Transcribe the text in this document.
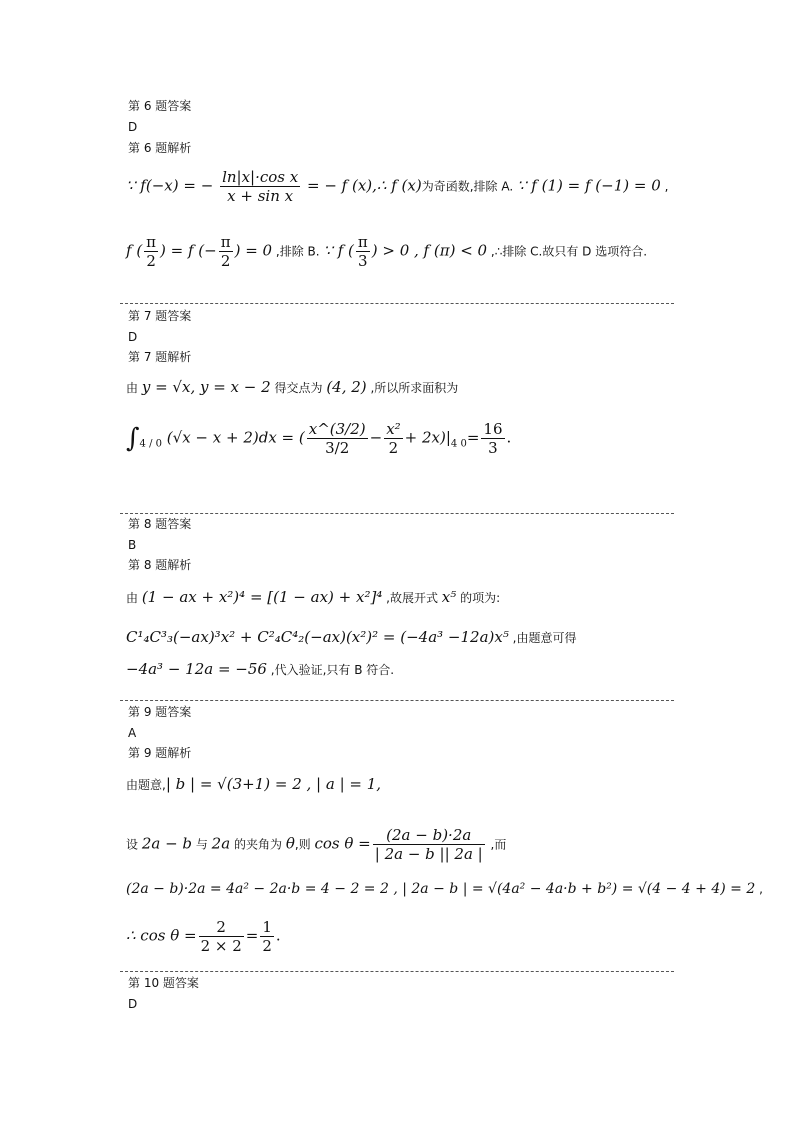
第 6 题答案
D
第 6 题解析
∵ f(−x) = − $\frac{\text{ln|x|·cos x}}{\text{x + sin x}}$ = − f (x),∴ f (x)为奇函数,排除 A. ∵ f (1) = f (−1) = 0 ,
f ( $\frac{\pi}{2}$ ) = f (− $\frac{\pi}{2}$ ) = 0 ,排除 B. ∵ f ( $\frac{\pi}{3}$ ) > 0 , f (π) < 0 ,∴排除 C.故只有 D 选项符合.
第 7 题答案
D
第 7 题解析
由 y = √x, y = x − 2 得交点为 (4, 2) ,所以所求面积为
$\int_{4 / 0}$ (√x − x + 2)dx = ( $\frac{x\^{}(3/2)}{3/2} - \frac{\text{x²}}{2} + 2x)|_{4 0}= \frac{16}{3}$ .
第 8 题答案
B
第 8 题解析
由 (1 − ax + x²)⁴ = [(1 − ax) + x²]⁴ ,故展开式 x⁵ 的项为:
C¹₄C³₃(−ax)³x² + C²₄C⁴₂(−ax)(x²)² = (−4a³ −12a)x⁵ ,由题意可得
−4a³ − 12a = −56 ,代入验证,只有 B 符合.
第 9 题答案
A
第 9 题解析
由题意,| b | = √(3+1) = 2 , | a | = 1,
设 2a − b 与 2a 的夹角为 θ,则 $\cos \theta = \frac{(2a - b)\cdot 2a}{| 2a - b || 2a |}$ ,而
(2a − b)·2a = 4a² − 2a·b = 4 − 2 = 2 , | 2a − b | = √(4a² − 4a·b + b²) = √(4 − 4 + 4) = 2 ,
∴ $\cos \theta = \frac{2}{2 \times 2} = \frac{1}{2}$ .
第 10 题答案
D
